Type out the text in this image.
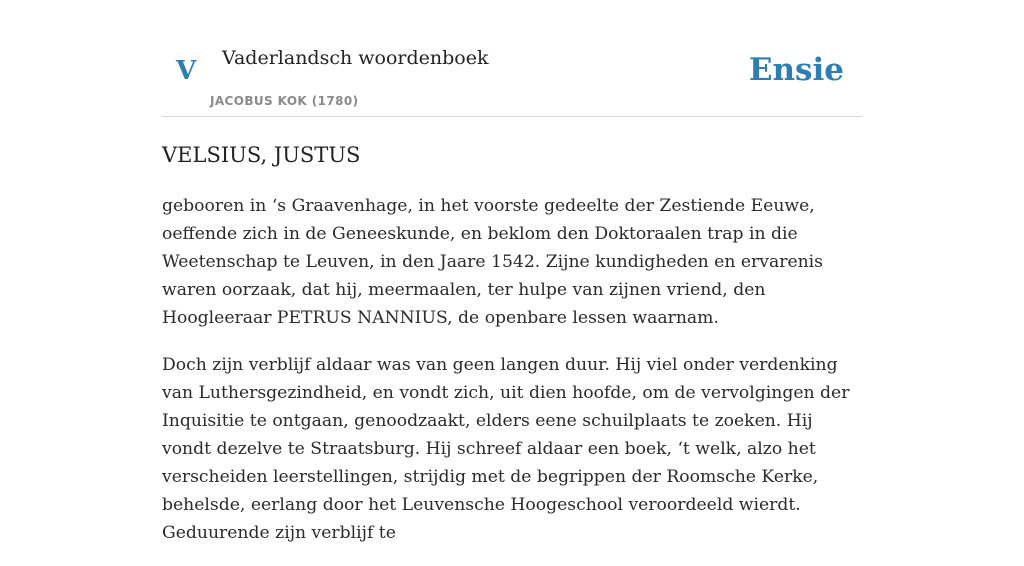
V Vaderlandsch woordenboek
JACOBUS KOK (1780)
Ensie
VELSIUS, JUSTUS

gebooren in ‘s Graavenhage, in het voorste gedeelte der Zestiende Eeuwe, oeffende zich in de Geneeskunde, en beklom den Doktoraalen trap in die Weetenschap te Leuven, in den Jaare 1542. Zijne kundigheden en ervarenis waren oorzaak, dat hij, meermaalen, ter hulpe van zijnen vriend, den Hoogleeraar PETRUS NANNIUS, de openbare lessen waarnam.

Doch zijn verblijf aldaar was van geen langen duur. Hij viel onder verdenking van Luthersgezindheid, en vondt zich, uit dien hoofde, om de vervolgingen der Inquisitie te ontgaan, genoodzaakt, elders eene schuilplaats te zoeken. Hij vondt dezelve te Straatsburg. Hij schreef aldaar een boek, ‘t welk, alzo het verscheiden leerstellingen, strijdig met de begrippen der Roomsche Kerke, behelsde, eerlang door het Leuvensche Hoogeschool veroordeeld wierdt. Geduurende zijn verblijf te
